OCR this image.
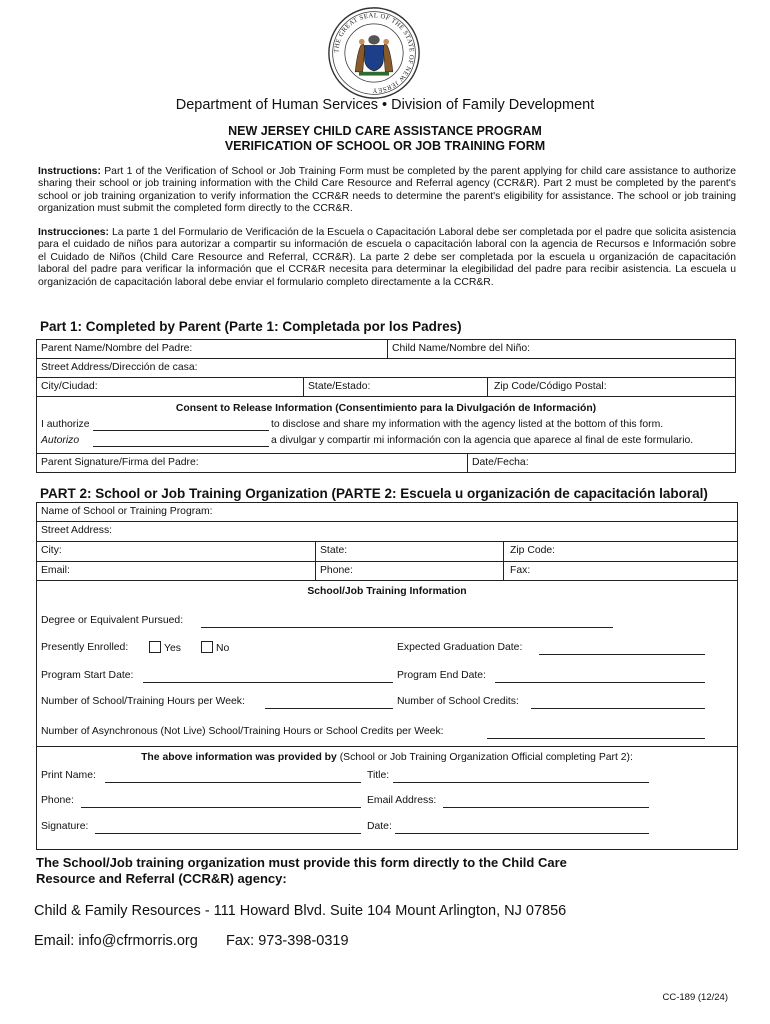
THE GREAT SEAL OF THE STATE OF NEW JERSEY
Department of Human Services • Division of Family Development
NEW JERSEY CHILD CARE ASSISTANCE PROGRAM
VERIFICATION OF SCHOOL OR JOB TRAINING FORM
Instructions: Part 1 of the Verification of School or Job Training Form must be completed by the parent applying for child care assistance to authorize sharing their school or job training information with the Child Care Resource and Referral agency (CCR&R). Part 2 must be completed by the parent's school or job training organization to verify information the CCR&R needs to determine the parent's eligibility for assistance. The school or job training organization must submit the completed form directly to the CCR&R.
Instrucciones: La parte 1 del Formulario de Verificación de la Escuela o Capacitación Laboral debe ser completada por el padre que solicita asistencia para el cuidado de niños para autorizar a compartir su información de escuela o capacitación laboral con la agencia de Recursos e Información sobre el Cuidado de Niños (Child Care Resource and Referral, CCR&R). La parte 2 debe ser completada por la escuela u organización de capacitación laboral del padre para verificar la información que el CCR&R necesita para determinar la elegibilidad del padre para recibir asistencia. La escuela u organización de capacitación laboral debe enviar el formulario completo directamente a la CCR&R.
Part 1: Completed by Parent (Parte 1: Completada por los Padres)
Parent Name/Nombre del Padre:	Child Name/Nombre del Niño:
Street Address/Dirección de casa:
City/Ciudad:	State/Estado:	Zip Code/Código Postal:
Consent to Release Information (Consentimiento para la Divulgación de Información)
I authorize	to disclose and share my information with the agency listed at the bottom of this form.
Autorizo	a divulgar y compartir mi información con la agencia que aparece al final de este formulario.
Parent Signature/Firma del Padre:	Date/Fecha:
PART 2: School or Job Training Organization (PARTE 2: Escuela u organización de capacitación laboral)
Name of School or Training Program:
Street Address:
City:	State:	Zip Code:
Email:	Phone:	Fax:
School/Job Training Information
Degree or Equivalent Pursued:
Presently Enrolled:	Yes	No	Expected Graduation Date:
Program Start Date:	Program End Date:
Number of School/Training Hours per Week:	Number of School Credits:
Number of Asynchronous (Not Live) School/Training Hours or School Credits per Week:
The above information was provided by (School or Job Training Organization Official completing Part 2):
Print Name:	Title:
Phone:	Email Address:
Signature:	Date:
The School/Job training organization must provide this form directly to the Child Care
Resource and Referral (CCR&R) agency:
Child & Family Resources - 111 Howard Blvd. Suite 104 Mount Arlington, NJ 07856
Email: info@cfrmorris.org Fax: 973-398-0319
CC-189 (12/24)
